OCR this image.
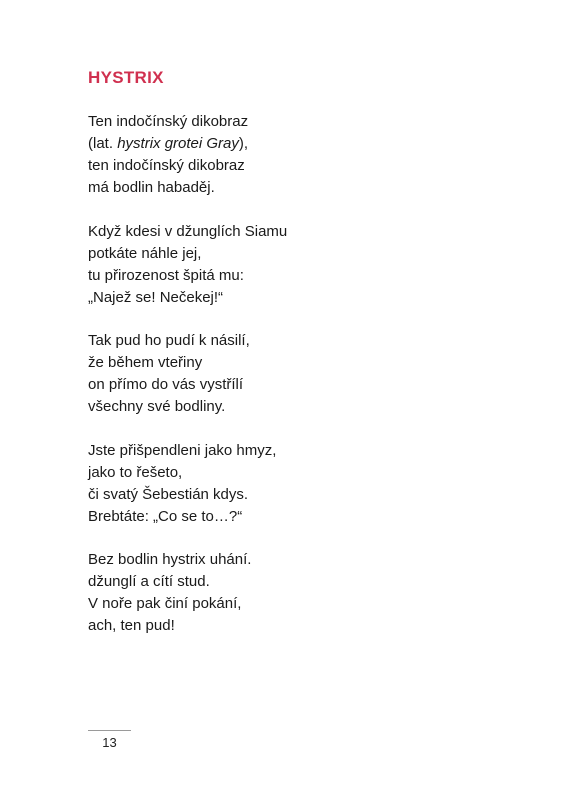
HYSTRIX
Ten indočínský dikobraz
(lat. hystrix grotei Gray),
ten indočínský dikobraz
má bodlin habaděj.
Když kdesi v džunglích Siamu
potkáte náhle jej,
tu přirozenost špitá mu:
„Najež se! Nečekej!“
Tak pud ho pudí k násilí,
že během vteřiny
on přímo do vás vystřílí
všechny své bodliny.
Jste přišpendleni jako hmyz,
jako to řešeto,
či svatý Šebestián kdys.
Brebtáte: „Co se to…?“
Bez bodlin hystrix uhání.
džunglí a cítí stud.
V noře pak činí pokání,
ach, ten pud!
13
